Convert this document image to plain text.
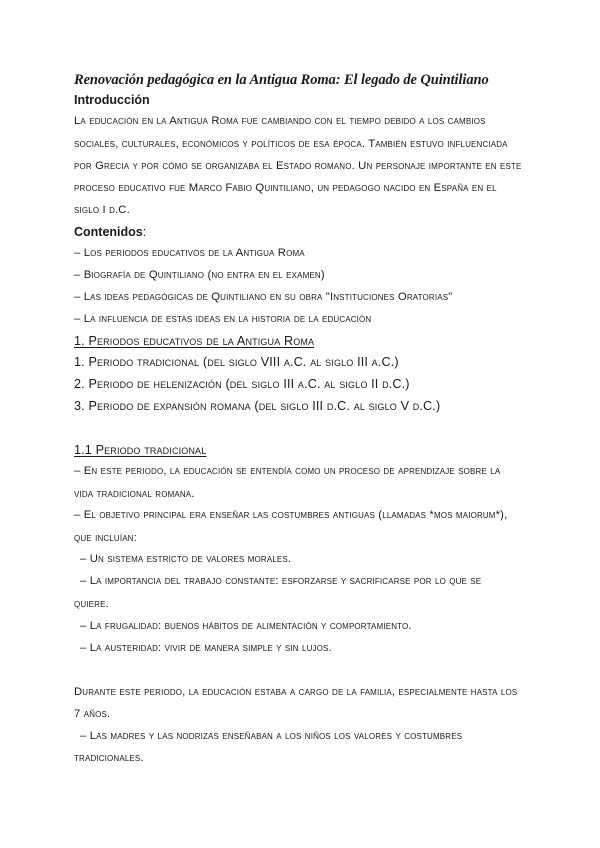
Renovación pedagógica en la Antigua Roma: El legado de Quintiliano
Introducción
La educación en la Antigua Roma fue cambiando con el tiempo debido a los cambios
sociales, culturales, económicos y políticos de esa época. También estuvo influenciada
por Grecia y por cómo se organizaba el Estado romano. Un personaje importante en este
proceso educativo fue Marco Fabio Quintiliano, un pedagogo nacido en España en el
siglo I d.C.
Contenidos:
– Los periodos educativos de la Antigua Roma
– Biografía de Quintiliano (no entra en el examen)
– Las ideas pedagógicas de Quintiliano en su obra "Instituciones Oratorias"
– La influencia de estas ideas en la historia de la educación
1. Periodos educativos de la Antigua Roma
1. Periodo tradicional (del siglo VIII a.C. al siglo III a.C.)
2. Periodo de helenización (del siglo III a.C. al siglo II d.C.)
3. Periodo de expansión romana (del siglo III d.C. al siglo V d.C.)
1.1 Periodo tradicional
– En este periodo, la educación se entendía como un proceso de aprendizaje sobre la
vida tradicional romana.
– El objetivo principal era enseñar las costumbres antiguas (llamadas *mos maiorum*),
que incluían:
– Un sistema estricto de valores morales.
– La importancia del trabajo constante: esforzarse y sacrificarse por lo que se
quiere.
– La frugalidad: buenos hábitos de alimentación y comportamiento.
– La austeridad: vivir de manera simple y sin lujos.
Durante este periodo, la educación estaba a cargo de la familia, especialmente hasta los
7 años.
– Las madres y las nodrizas enseñaban a los niños los valores y costumbres
tradicionales.
